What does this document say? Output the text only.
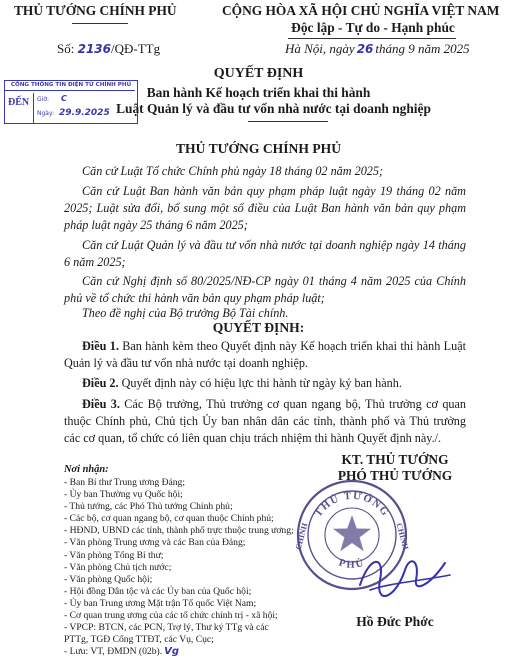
THỦ TƯỚNG CHÍNH PHỦ	CỘNG HÒA XÃ HỘI CHỦ NGHĨA VIỆT NAM
Độc lập - Tự do - Hạnh phúc
Số: 2136/QĐ-TTg	Hà Nội, ngày 26 tháng 9 năm 2025
CỔNG THÔNG TIN ĐIỆN TỬ CHÍNH PHỦ
ĐẾN Giờ: C
Ngày: 29.9.2025
QUYẾT ĐỊNH
Ban hành Kế hoạch triển khai thi hành
Luật Quản lý và đầu tư vốn nhà nước tại doanh nghiệp
THỦ TƯỚNG CHÍNH PHỦ
Căn cứ Luật Tổ chức Chính phủ ngày 18 tháng 02 năm 2025;
Căn cứ Luật Ban hành văn bản quy phạm pháp luật ngày 19 tháng 02 năm 2025; Luật sửa đổi, bổ sung một số điều của Luật Ban hành văn bản quy phạm pháp luật ngày 25 tháng 6 năm 2025;
Căn cứ Luật Quản lý và đầu tư vốn nhà nước tại doanh nghiệp ngày 14 tháng 6 năm 2025;
Căn cứ Nghị định số 80/2025/NĐ-CP ngày 01 tháng 4 năm 2025 của Chính phủ về tổ chức thi hành văn bản quy phạm pháp luật;
Theo đề nghị của Bộ trưởng Bộ Tài chính.
QUYẾT ĐỊNH:
Điều 1. Ban hành kèm theo Quyết định này Kế hoạch triển khai thi hành Luật Quản lý và đầu tư vốn nhà nước tại doanh nghiệp.
Điều 2. Quyết định này có hiệu lực thi hành từ ngày ký ban hành.
Điều 3. Các Bộ trưởng, Thủ trưởng cơ quan ngang bộ, Thủ trưởng cơ quan thuộc Chính phủ, Chủ tịch Ủy ban nhân dân các tỉnh, thành phố và Thủ trưởng các cơ quan, tổ chức có liên quan chịu trách nhiệm thi hành Quyết định này./.
KT. THỦ TƯỚNG
PHÓ THỦ TƯỚNG
THỦ TƯỚNG
PHỦ
CHÍNH	CHÍNH
Hồ Đức Phớc
Nơi nhận:
- Ban Bí thư Trung ương Đảng;
- Ủy ban Thường vụ Quốc hội;
- Thủ tướng, các Phó Thủ tướng Chính phủ;
- Các bộ, cơ quan ngang bộ, cơ quan thuộc Chính phủ;
- HĐND, UBND các tỉnh, thành phố trực thuộc trung ương;
- Văn phòng Trung ương và các Ban của Đảng;
- Văn phòng Tổng Bí thư;
- Văn phòng Chủ tịch nước;
- Văn phòng Quốc hội;
- Hội đồng Dân tộc và các Ủy ban của Quốc hội;
- Ủy ban Trung ương Mặt trận Tổ quốc Việt Nam;
- Cơ quan trung ương của các tổ chức chính trị - xã hội;
- VPCP: BTCN, các PCN, Trợ lý, Thư ký TTg và các
PTTg, TGĐ Cổng TTĐT, các Vụ, Cục;
- Lưu: VT, ĐMDN (02b). Vg
